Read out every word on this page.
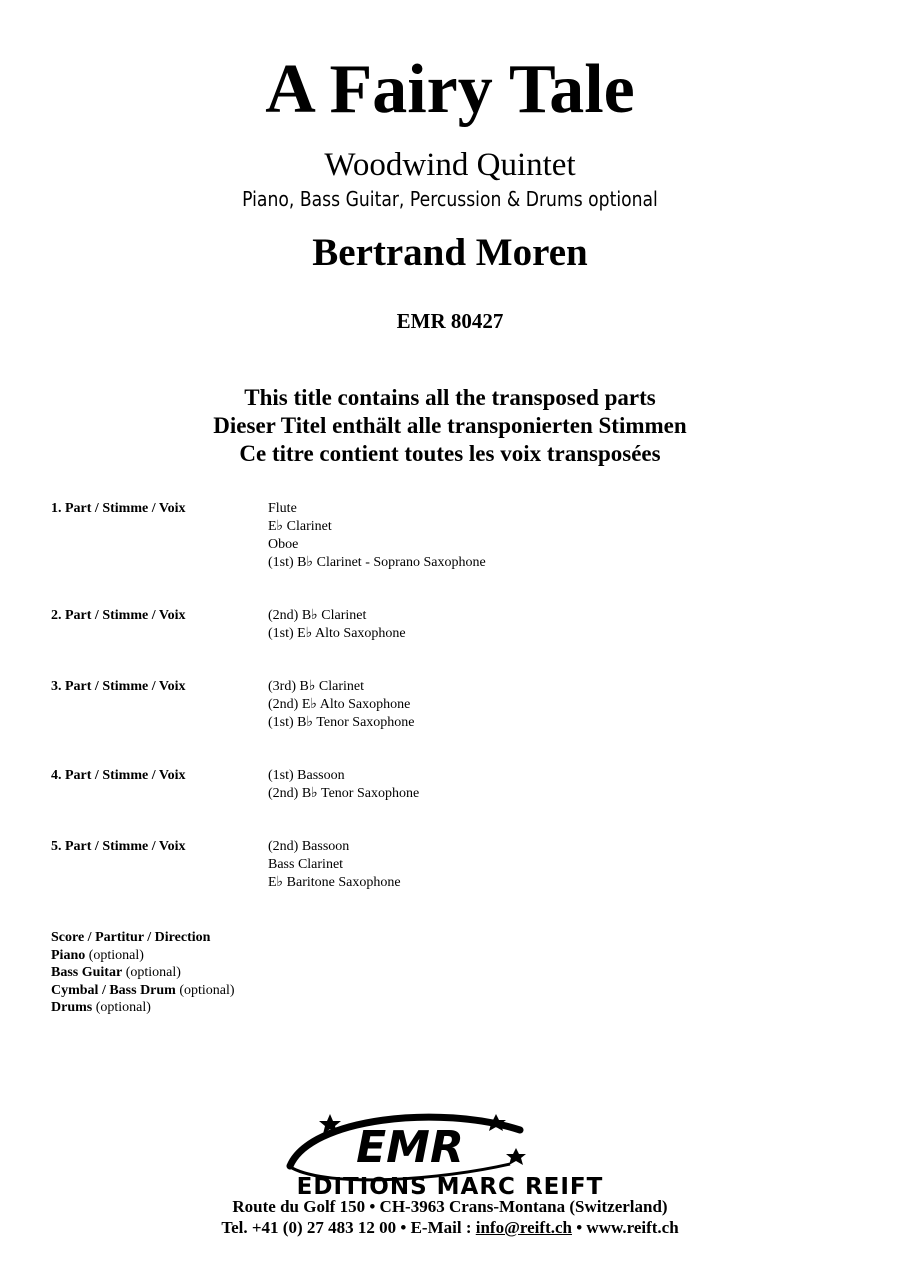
A Fairy Tale
Woodwind Quintet
Piano, Bass Guitar, Percussion & Drums optional
Bertrand Moren
EMR 80427
This title contains all the transposed parts
Dieser Titel enthält alle transponierten Stimmen
Ce titre contient toutes les voix transposées
1. Part / Stimme / Voix	Flute
E♭ Clarinet
Oboe
(1st) B♭ Clarinet - Soprano Saxophone
2. Part / Stimme / Voix	(2nd) B♭ Clarinet
(1st) E♭ Alto Saxophone
3. Part / Stimme / Voix	(3rd) B♭ Clarinet
(2nd) E♭ Alto Saxophone
(1st) B♭ Tenor Saxophone
4. Part / Stimme / Voix	(1st) Bassoon
(2nd) B♭ Tenor Saxophone
5. Part / Stimme / Voix	(2nd) Bassoon
Bass Clarinet
E♭ Baritone Saxophone
Score / Partitur / Direction
Piano (optional)
Bass Guitar (optional)
Cymbal / Bass Drum (optional)
Drums (optional)
EMR
EDITIONS MARC REIFT
Route du Golf 150 • CH-3963 Crans-Montana (Switzerland)
Tel. +41 (0) 27 483 12 00 • E-Mail : info@reift.ch • www.reift.ch
